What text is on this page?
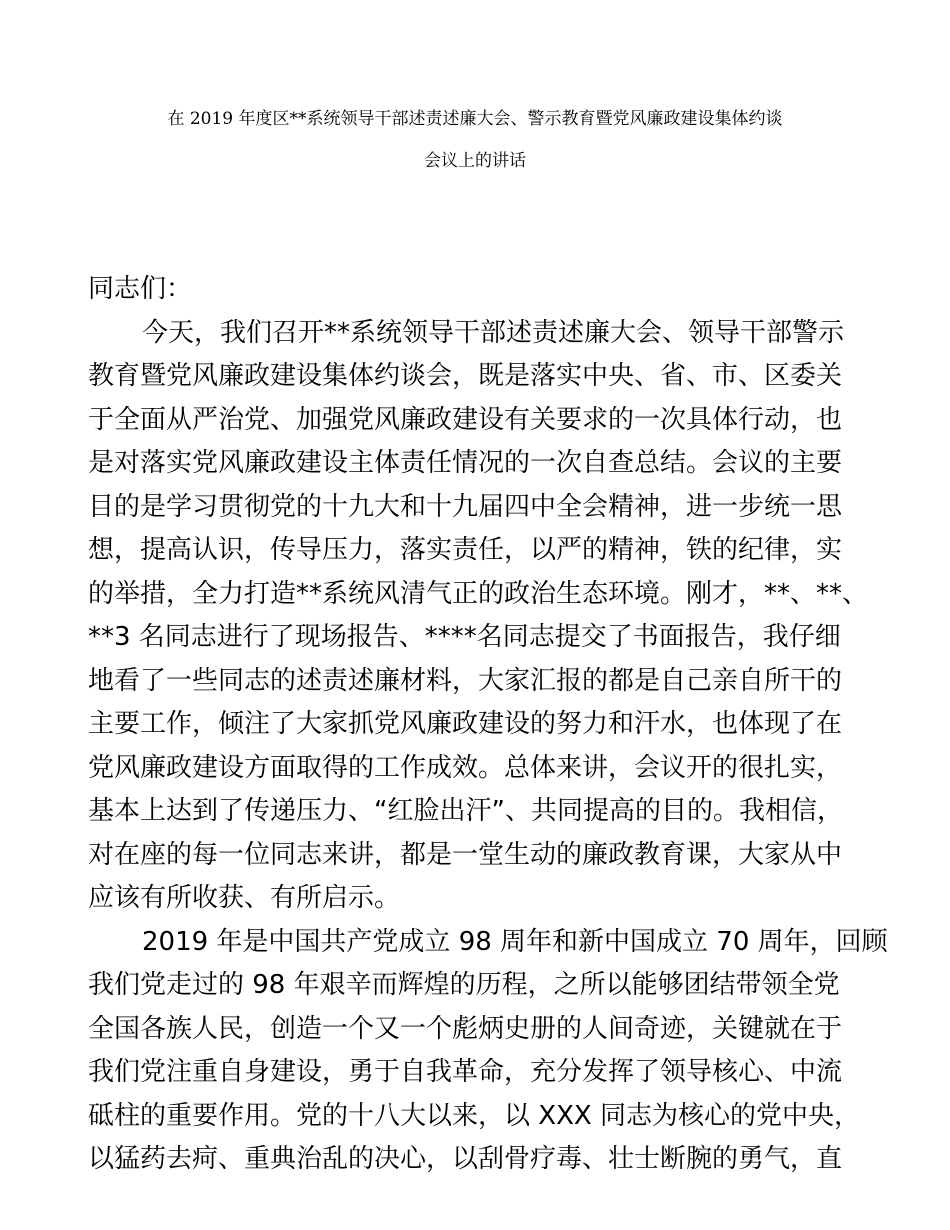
在 2019 年度区**系统领导干部述责述廉大会、警示教育暨党风廉政建设集体约谈
会议上的讲话
同志们：
今天，我们召开**系统领导干部述责述廉大会、领导干部警示
教育暨党风廉政建设集体约谈会，既是落实中央、省、市、区委关
于全面从严治党、加强党风廉政建设有关要求的一次具体行动，也
是对落实党风廉政建设主体责任情况的一次自查总结。会议的主要
目的是学习贯彻党的十九大和十九届四中全会精神，进一步统一思
想，提高认识，传导压力，落实责任，以严的精神，铁的纪律，实
的举措，全力打造**系统风清气正的政治生态环境。刚才，**、**、
**3 名同志进行了现场报告、****名同志提交了书面报告，我仔细
地看了一些同志的述责述廉材料，大家汇报的都是自己亲自所干的
主要工作，倾注了大家抓党风廉政建设的努力和汗水，也体现了在
党风廉政建设方面取得的工作成效。总体来讲，会议开的很扎实，
基本上达到了传递压力、“红脸出汗”、共同提高的目的。我相信，
对在座的每一位同志来讲，都是一堂生动的廉政教育课，大家从中
应该有所收获、有所启示。
2019 年是中国共产党成立 98 周年和新中国成立 70 周年，回顾
我们党走过的 98 年艰辛而辉煌的历程，之所以能够团结带领全党
全国各族人民，创造一个又一个彪炳史册的人间奇迹，关键就在于
我们党注重自身建设，勇于自我革命，充分发挥了领导核心、中流
砥柱的重要作用。党的十八大以来，以 XXX 同志为核心的党中央，
以猛药去疴、重典治乱的决心，以刮骨疗毒、壮士断腕的勇气，直
